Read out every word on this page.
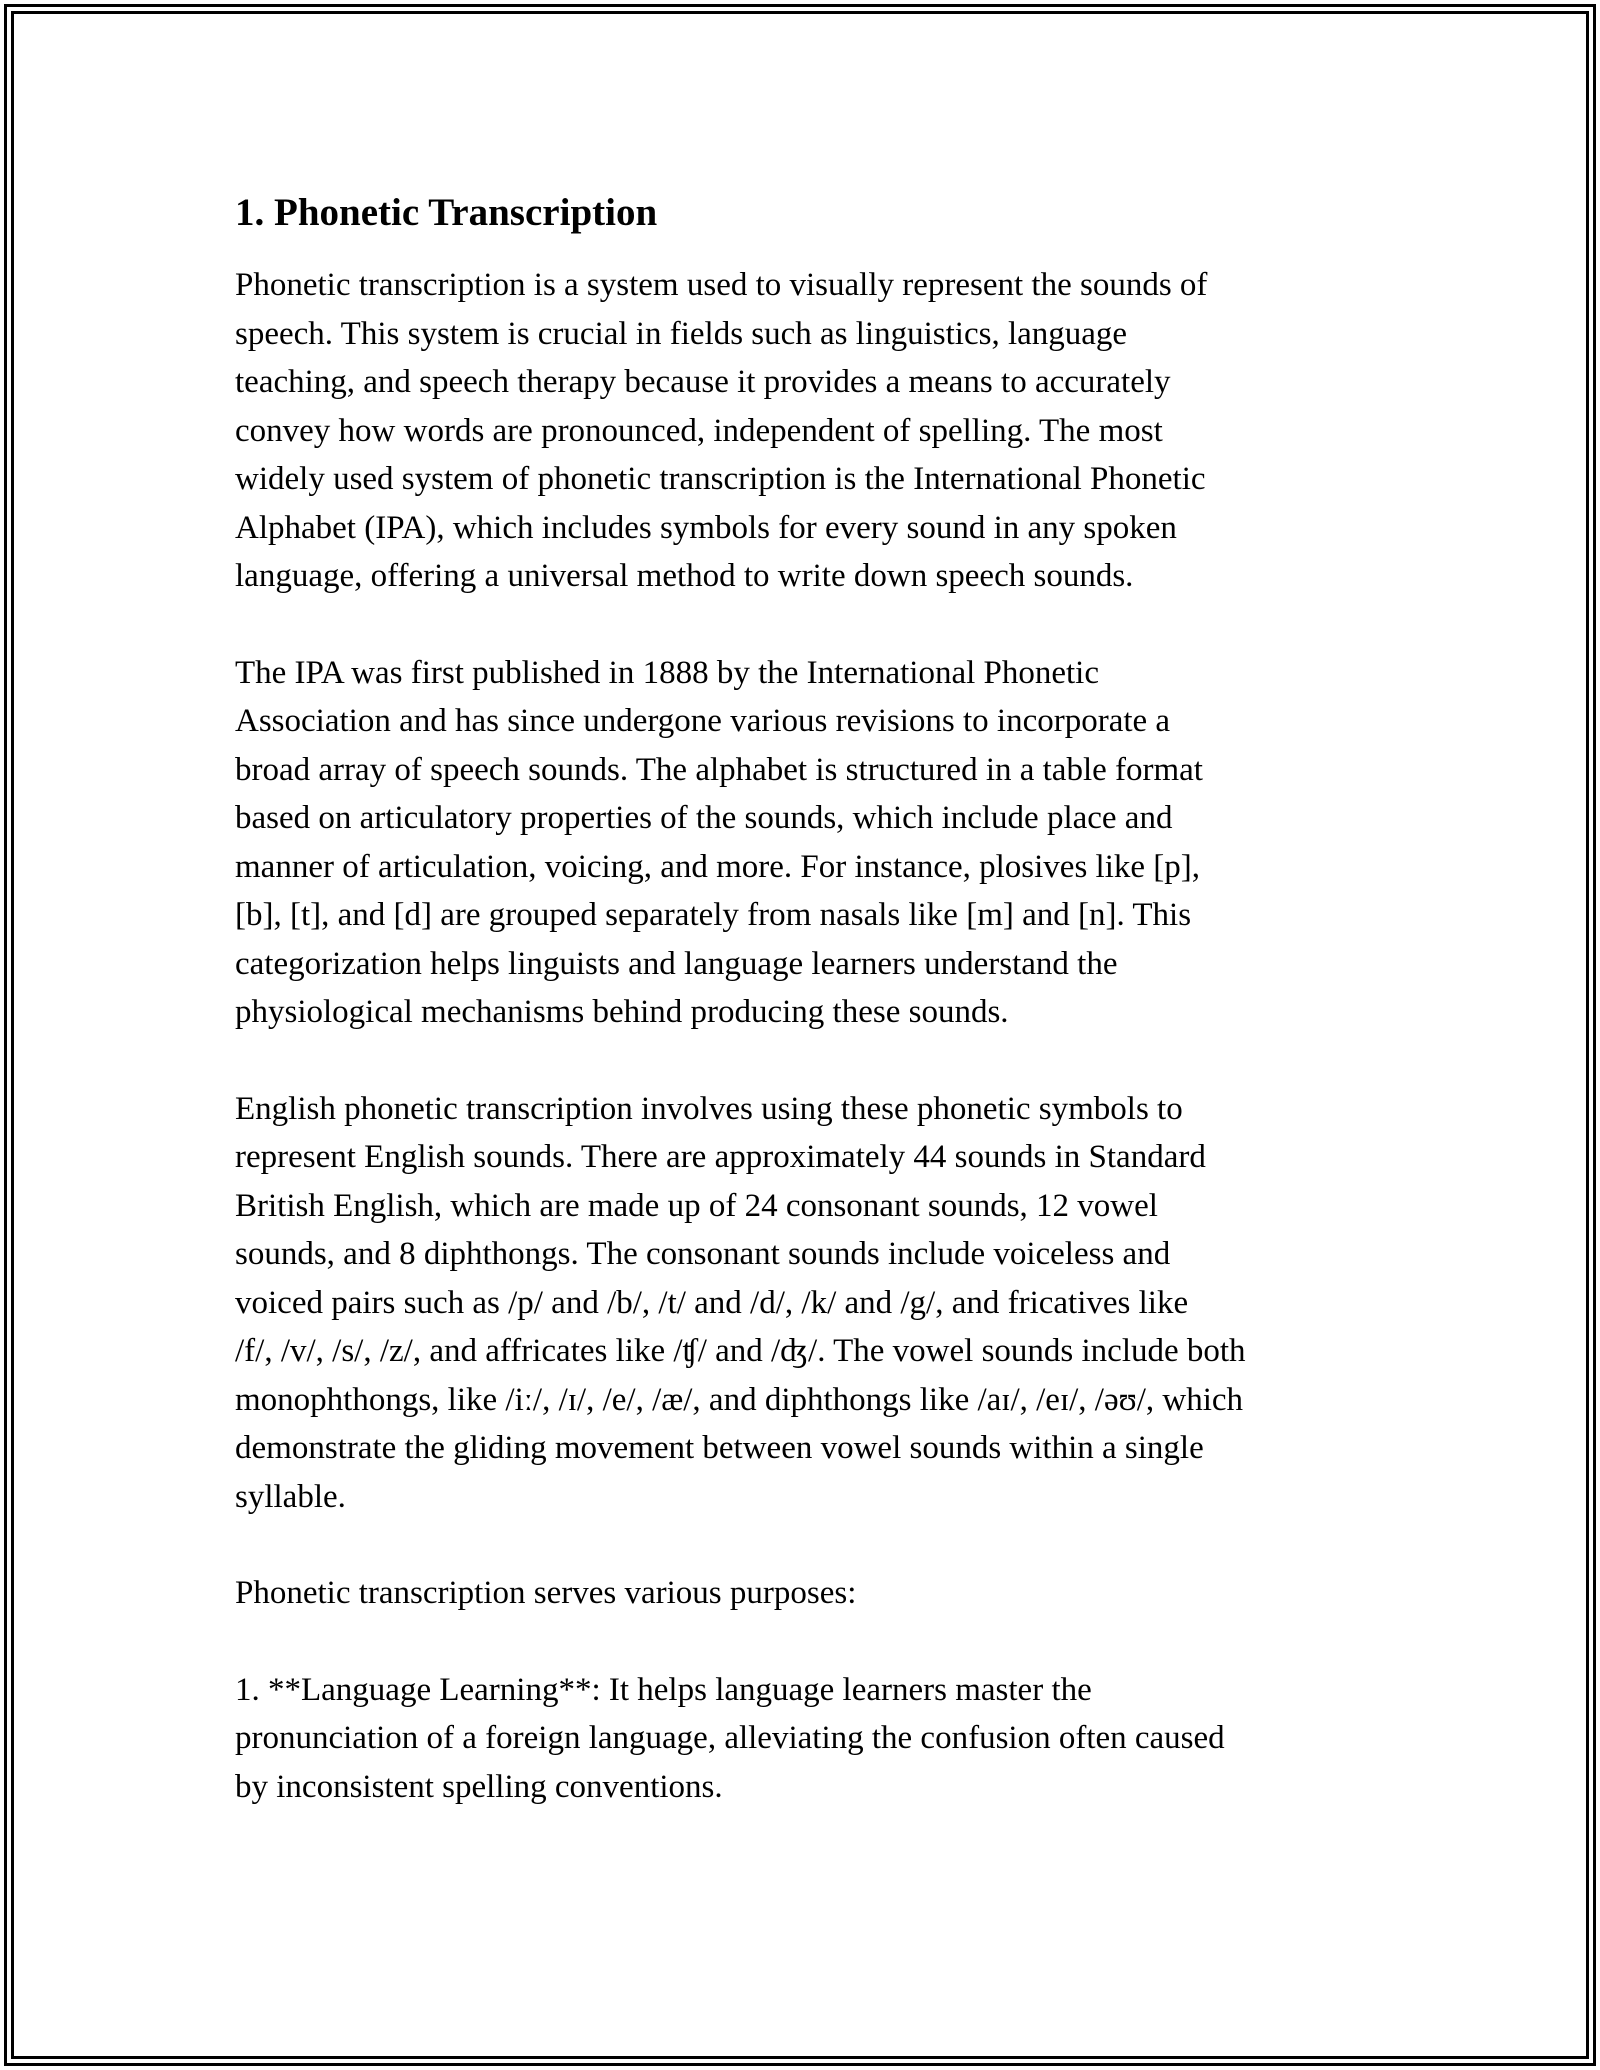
1. Phonetic Transcription

Phonetic transcription is a system used to visually represent the sounds of
speech. This system is crucial in fields such as linguistics, language
teaching, and speech therapy because it provides a means to accurately
convey how words are pronounced, independent of spelling. The most
widely used system of phonetic transcription is the International Phonetic
Alphabet (IPA), which includes symbols for every sound in any spoken
language, offering a universal method to write down speech sounds.

The IPA was first published in 1888 by the International Phonetic
Association and has since undergone various revisions to incorporate a
broad array of speech sounds. The alphabet is structured in a table format
based on articulatory properties of the sounds, which include place and
manner of articulation, voicing, and more. For instance, plosives like [p],
[b], [t], and [d] are grouped separately from nasals like [m] and [n]. This
categorization helps linguists and language learners understand the
physiological mechanisms behind producing these sounds.

English phonetic transcription involves using these phonetic symbols to
represent English sounds. There are approximately 44 sounds in Standard
British English, which are made up of 24 consonant sounds, 12 vowel
sounds, and 8 diphthongs. The consonant sounds include voiceless and
voiced pairs such as /p/ and /b/, /t/ and /d/, /k/ and /g/, and fricatives like
/f/, /v/, /s/, /z/, and affricates like /ʧ/ and /ʤ/. The vowel sounds include both
monophthongs, like /iː/, /ɪ/, /e/, /æ/, and diphthongs like /aɪ/, /eɪ/, /əʊ/, which
demonstrate the gliding movement between vowel sounds within a single
syllable.

Phonetic transcription serves various purposes:

1. **Language Learning**: It helps language learners master the
pronunciation of a foreign language, alleviating the confusion often caused
by inconsistent spelling conventions.
